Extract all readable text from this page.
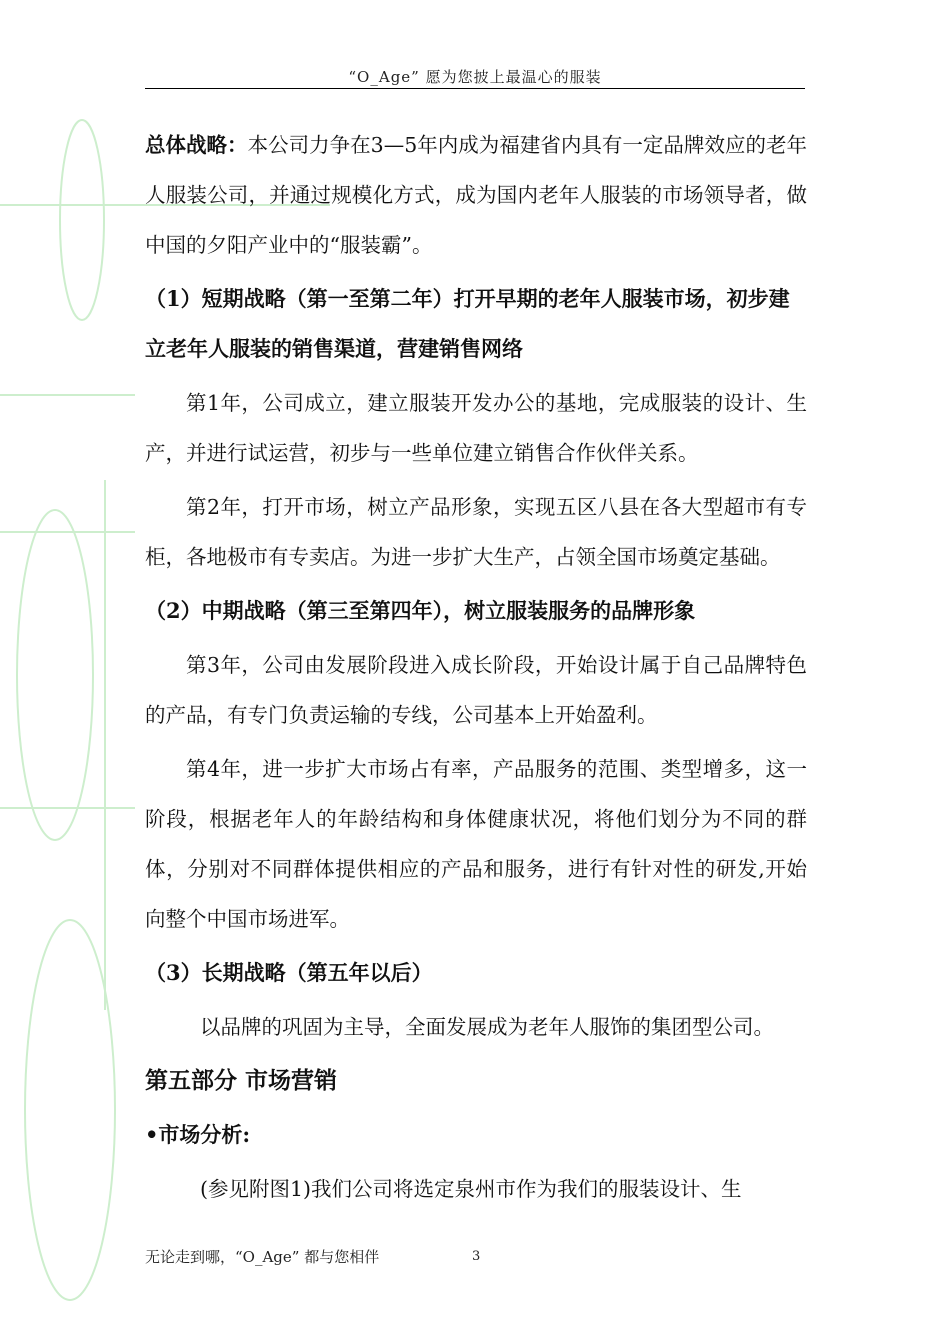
“O_Age” 愿为您披上最温心的服装

总体战略：本公司力争在3—5年内成为福建省内具有一定品牌效应的老年人服装公司，并通过规模化方式，成为国内老年人服装的市场领导者，做中国的夕阳产业中的“服装霸”。

（1）短期战略（第一至第二年）打开早期的老年人服装市场，初步建立老年人服装的销售渠道，营建销售网络

第1年，公司成立，建立服装开发办公的基地，完成服装的设计、生产，并进行试运营，初步与一些单位建立销售合作伙伴关系。

第2年，打开市场，树立产品形象，实现五区八县在各大型超市有专柜，各地极市有专卖店。为进一步扩大生产，占领全国市场奠定基础。

（2）中期战略（第三至第四年），树立服装服务的品牌形象

第3年，公司由发展阶段进入成长阶段，开始设计属于自己品牌特色的产品，有专门负责运输的专线，公司基本上开始盈利。

第4年，进一步扩大市场占有率，产品服务的范围、类型增多，这一阶段，根据老年人的年龄结构和身体健康状况，将他们划分为不同的群体，分别对不同群体提供相应的产品和服务，进行有针对性的研发,开始向整个中国市场进军。

（3）长期战略（第五年以后）

以品牌的巩固为主导，全面发展成为老年人服饰的集团型公司。

第五部分 市场营销

•市场分析:

(参见附图1)我们公司将选定泉州市作为我们的服装设计、生

无论走到哪，“O_Age” 都与您相伴	3
